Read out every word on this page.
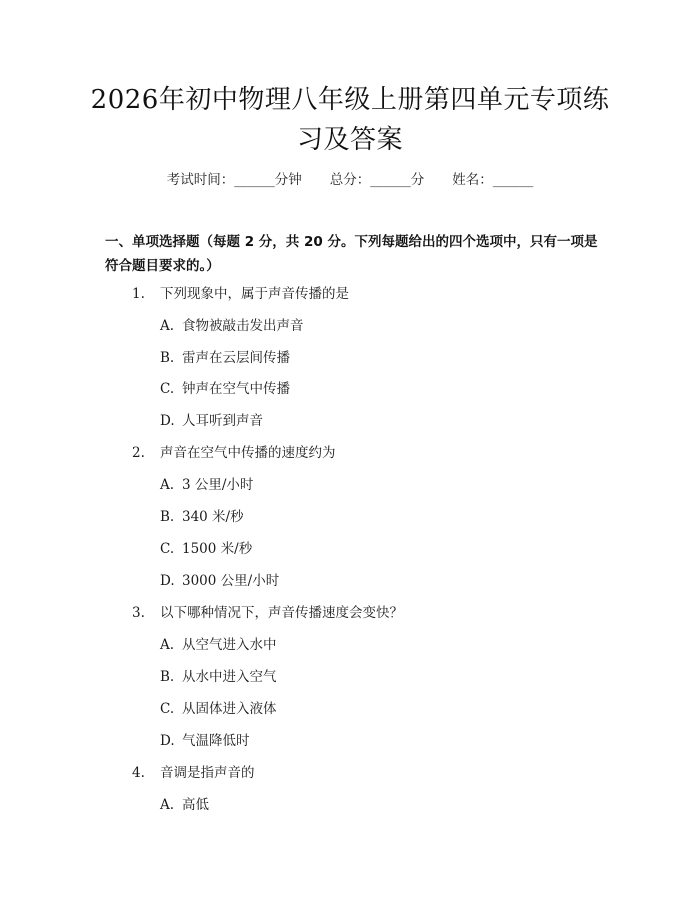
2026年初中物理八年级上册第四单元专项练习及答案
考试时间：______分钟 总分：______分 姓名：______
一、单项选择题（每题 2 分，共 20 分。下列每题给出的四个选项中，只有一项是符合题目要求的。）
1. 下列现象中，属于声音传播的是
A. 食物被敲击发出声音
B. 雷声在云层间传播
C. 钟声在空气中传播
D. 人耳听到声音
2. 声音在空气中传播的速度约为
A. 3 公里/小时
B. 340 米/秒
C. 1500 米/秒
D. 3000 公里/小时
3. 以下哪种情况下，声音传播速度会变快？
A. 从空气进入水中
B. 从水中进入空气
C. 从固体进入液体
D. 气温降低时
4. 音调是指声音的
A. 高低
